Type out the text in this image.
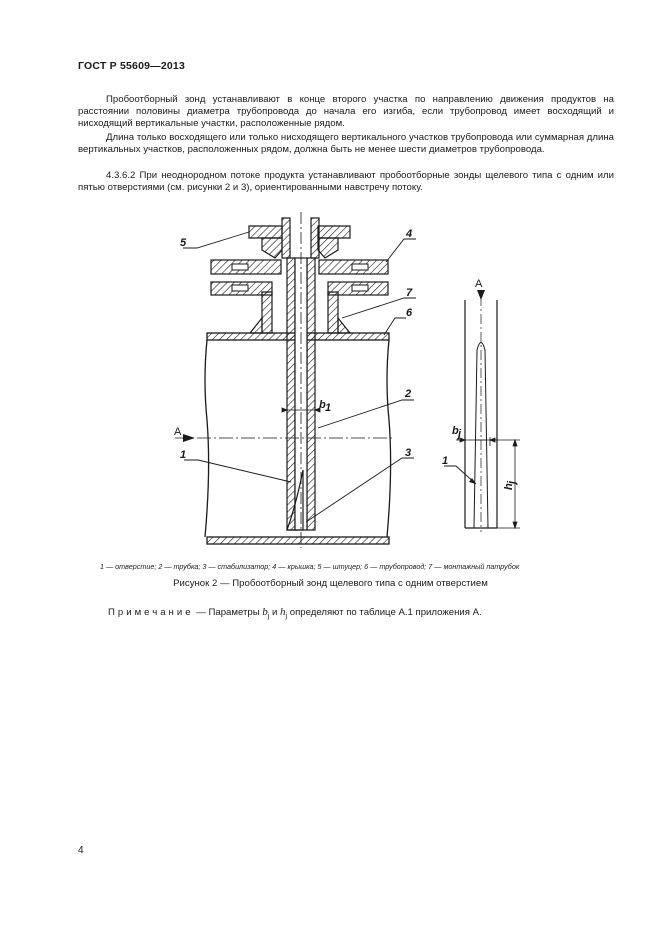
ГОСТ Р 55609—2013

Пробоотборный зонд устанавливают в конце второго участка по направлению движения продуктов на расстоянии половины диаметра трубопровода до начала его изгиба, если трубопровод имеет восходящий и нисходящий вертикальные участки, расположенные рядом.

Длина только восходящего или только нисходящего вертикального участков трубопровода или суммарная длина вертикальных участков, расположенных рядом, должна быть не менее шести диаметров трубопровода.

4.3.6.2 При неоднородном потоке продукта устанавливают пробоотборные зонды щелевого типа с одним или пятью отверстиями (см. рисунки 2 и 3), ориентированными навстречу потоку.

А
b 1
5
4
7
6
2
1	3
А
b j
h
j
1
1 — отверстие; 2 — трубка; 3 — стабилизатор; 4 — крышка; 5 — штуцер; 6 — трубопровод; 7 — монтажный патрубок
Рисунок 2 — Пробоотборный зонд щелевого типа с одним отверстием
Примечание — Параметры $b_j$ и $h_j$ определяют по таблице А.1 приложения А.
4
